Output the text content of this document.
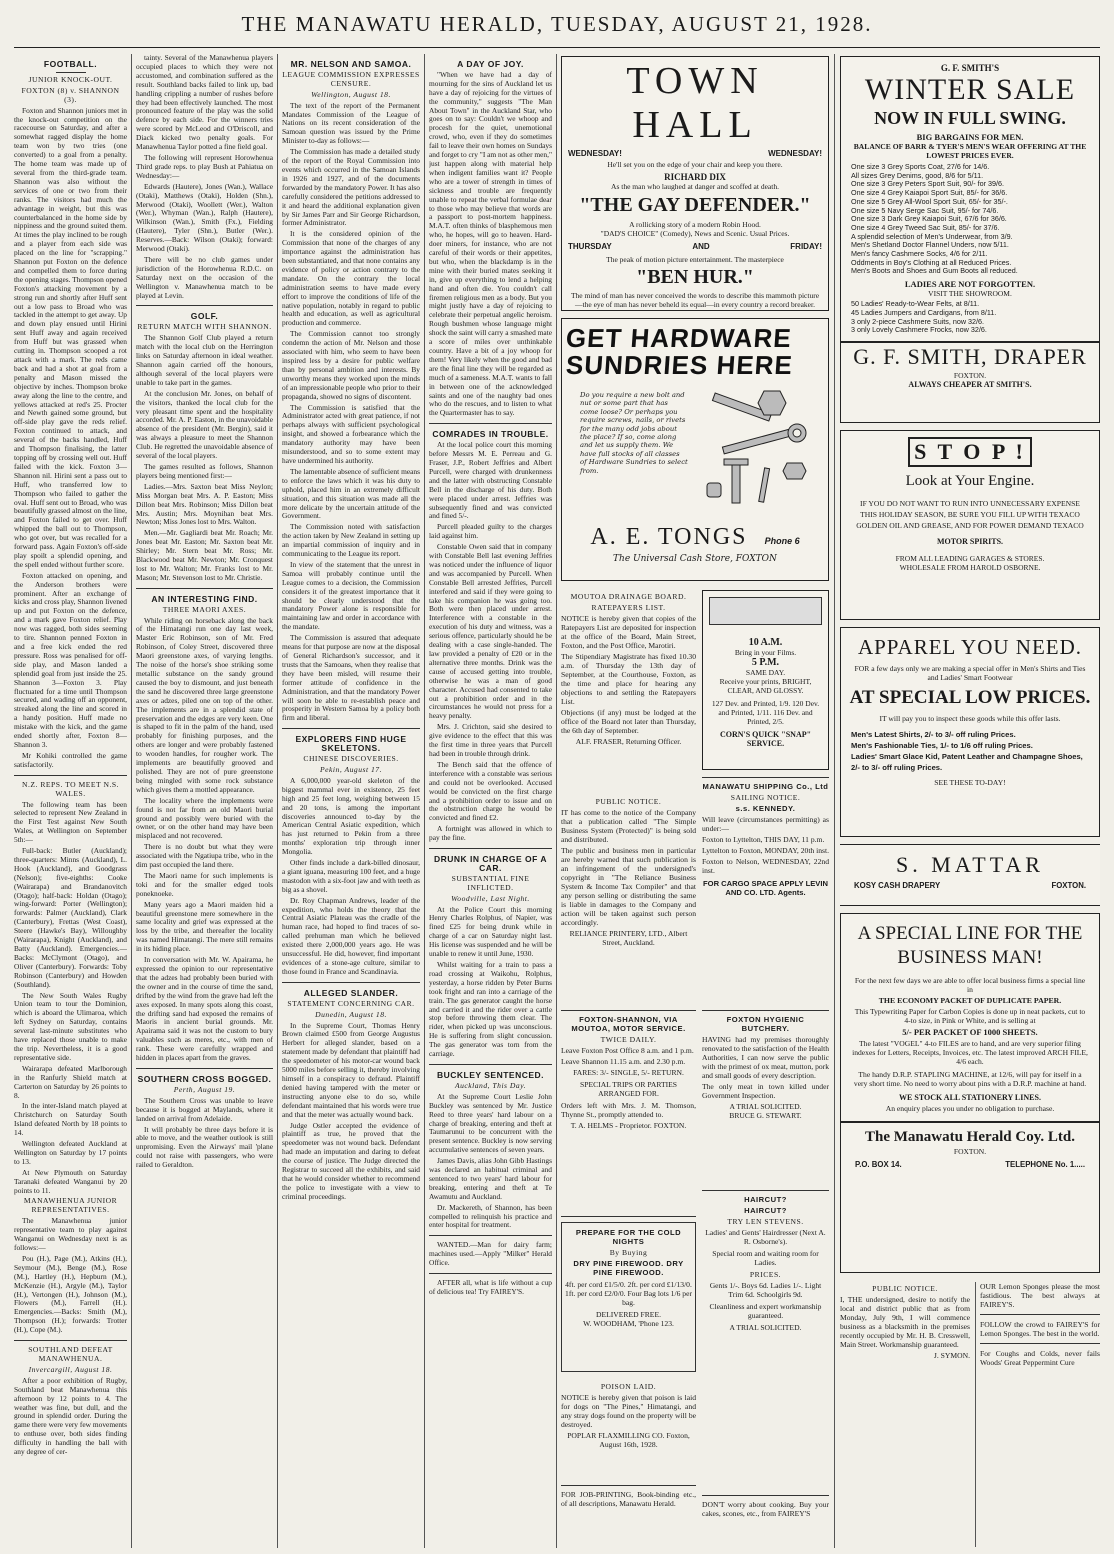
THE MANAWATU HERALD, TUESDAY, AUGUST 21, 1928.
FOOTBALL.
JUNIOR KNOCK-OUT.
FOXTON (8) v. SHANNON (3).

Foxton and Shannon juniors met in the knock-out competition on the racecourse on Saturday, and after a somewhat ragged display the home team won by two tries (one converted) to a goal from a penalty. The home team was made up of several from the third-grade team. Shannon was also without the services of one or two from their ranks. The visitors had much the advantage in weight, but this was counterbalanced in the home side by nippiness and the ground suited them. At times the play inclined to be rough and a player from each side was placed on the line for "scrapping." Shannon put Foxton on the defence and compelled them to force during the opening stages. Thompson opened Foxton's attacking movement by a strong run and shortly after Huff sent out a low pass to Broad who was tackled in the attempt to get away. Up and down play ensued until Hirini sent Huff away and again received from Huff but was grassed when cutting in. Thompson scooped a rot attack with a mark. The reds came back and had a shot at goal from a penalty and Mason missed the objective by inches. Thompson broke away along the line to the centre, and yellows attacked at red's 25. Procter and Newth gained some ground, but off-side play gave the reds relief. Foxton continued to attack, and several of the backs handled, Huff and Thompson finalising, the latter topping off by crossing well out. Huff failed with the kick. Foxton 3—Shannon nil. Hirini sent a pass out to Huff, who transferred low to Thompson who failed to gather the oval. Huff sent out to Broad, who was beautifully grassed almost on the line, and Foxton failed to get over. Huff whipped the ball out to Thompson, who got over, but was recalled for a forward pass. Again Foxton's off-side play spoilt a splendid opening, and the spell ended without further score.

Foxton attacked on opening, and the Anderson brothers were prominent. After an exchange of kicks and cross play, Shannon livened up and put Foxton on the defence, and a mark gave Foxton relief. Play now was ragged, both sides seeming to tire. Shannon penned Foxton in and a free kick ended the red pressure. Ross was penalised for off-side play, and Mason landed a splendid goal from just inside the 25. Shannon 3—Foxton 3. Play fluctuated for a time until Thompson secured, and wading off an opponent, streaked along the line and scored in a handy position. Huff made no mistake with the kick, and the game ended shortly after, Foxton 8—Shannon 3.

Mr Kohiki controlled the game satisfactorily.

N.Z. REPS. TO MEET N.S. WALES.

The following team has been selected to represent New Zealand in the First Test against New South Wales, at Wellington on September 5th:—

Full-back: Butler (Auckland); three-quarters: Minns (Auckland), L. Hook (Auckland), and Goodgrass (Nelson); five-eighths: Cooke (Wairarapa) and Brandanovitch (Otago); half-back: Holdan (Otago); wing-forward: Porter (Wellington); forwards: Palmer (Auckland), Clark (Canterbury), Frettas (West Coast), Steere (Hawke's Bay), Willoughby (Wairarapa), Knight (Auckland), and Batty (Auckland). Emergencies.—Backs: McClymont (Otago), and Oliver (Canterbury). Forwards: Toby Robinson (Canterbury) and Howden (Southland).

The New South Wales Rugby Union team to tour the Dominion, which is aboard the Ulimaroa, which left Sydney on Saturday, contains several last-minute substitutes who have replaced those unable to make the trip. Nevertheless, it is a good representative side.

Wairarapa defeated Marlborough in the Ranfurly Shield match at Carterton on Saturday by 26 points to 8.

In the inter-Island match played at Christchurch on Saturday South Island defeated North by 18 points to 14.

Wellington defeated Auckland at Wellington on Saturday by 17 points to 13.

At New Plymouth on Saturday Taranaki defeated Wanganui by 20 points to 11.

MANAWHENUA JUNIOR REPRESENTATIVES.

The Manawhenua junior representative team to play against Wanganui on Wednesday next is as follows:—

Pou (H.), Page (M.), Atkins (H.), Seymour (M.), Benge (M.), Rose (M.), Hartley (H.), Hepburn (M.), McKenzie (H.), Argyle (M.), Taylor (H.), Vertongen (H.), Johnson (M.), Flowers (M.), Farrell (H.). Emergencies.—Backs: Smith (M.), Thompson (H.); forwards: Trotter (H.), Cope (M.).

SOUTHLAND DEFEAT MANAWHENUA.
Invercargill, August 18.

After a poor exhibition of Rugby, Southland beat Manawhenua this afternoon by 12 points to 4. The weather was fine, but dull, and the ground in splendid order. During the game there were very few movements to enthuse over, both sides finding difficulty in handling the ball with any degree of cer-

tainty. Several of the Manawhenua players occupied places to which they were not accustomed, and combination suffered as the result. Southland backs failed to link up, bad handling crippling a number of rushes before they had been effectively launched. The most pronounced feature of the play was the solid defence by each side. For the winners tries were scored by McLeod and O'Driscoll, and Diack kicked two penalty goals. For Manawhenua Taylor potted a fine field goal.

The following will represent Horowhenua Third grade reps. to play Bush at Pahiatua on Wednesday:—

Edwards (Hautere), Jones (Wan.), Wallace (Otaki), Matthews (Otaki), Holden (Shn.), Merwood (Otaki), Woollett (Wer.), Walton (Wer.), Whyman (Wan.), Ralph (Hautere), Wilkinson (Wan.), Smith (Fx.), Fielding (Hautere), Tyler (Shn.), Butler (Wer.). Reserves.—Back: Wilson (Otaki); forward: Merwood (Otaki).

There will be no club games under jurisdiction of the Horowhenua R.D.C. on Saturday next on the occasion of the Wellington v. Manawhenua match to be played at Levin.

GOLF.
RETURN MATCH WITH SHANNON.

The Shannon Golf Club played a return match with the local club on the Herrington links on Saturday afternoon in ideal weather. Shannon again carried off the honours, although several of the local players were unable to take part in the games.

At the conclusion Mr. Jones, on behalf of the visitors, thanked the local club for the very pleasant time spent and the hospitality accorded. Mr. A. P. Easton, in the unavoidable absence of the president (Mr. Bergin), said it was always a pleasure to meet the Shannon Club. He regretted the unavoidable absence of several of the local players.

The games resulted as follows, Shannon players being mentioned first:—

Ladies.—Mrs. Saxton beat Miss Neylon; Miss Morgan beat Mrs. A. P. Easton; Miss Dillon beat Mrs. Robinson; Miss Dillon beat Mrs. Austin; Mrs. Moynihan beat Mrs. Newton; Miss Jones lost to Mrs. Walton.

Men.—Mr. Gagliardi beat Mr. Roach; Mr. Jones beat Mr. Easton; Mr. Saxton beat Mr. Shirley; Mr. Stern beat Mr. Ross; Mr. Blackwood beat Mr. Newton; Mr. Cronquest lost to Mr. Walton; Mr. Franks lost to Mr. Mason; Mr. Stevenson lost to Mr. Christie.

AN INTERESTING FIND.
THREE MAORI AXES.

While riding on horseback along the back of the Himatangi run one day last week, Master Eric Robinson, son of Mr. Fred Robinson, of Coley Street, discovered three Maori greenstone axes, of varying lengths. The noise of the horse's shoe striking some metallic substance on the sandy ground caused the boy to dismount, and just beneath the sand he discovered three large greenstone axes or adzes, piled one on top of the other. The implements are in a splendid state of preservation and the edges are very keen. One is shaped to fit in the palm of the hand, used probably for finishing purposes, and the others are longer and were probably fastened to wooden handles, for rougher work. The implements are beautifully grooved and polished. They are not of pure greenstone being mingled with some rock substance which gives them a mottled appearance.

The locality where the implements were found is not far from an old Maori burial ground and possibly were buried with the owner, or on the other hand may have been misplaced and not recovered.

There is no doubt but what they were associated with the Ngatiupa tribe, who in the dim past occupied the land there.

The Maori name for such implements is toki and for the smaller edged tools poneknoeke.

Many years ago a Maori maiden hid a beautiful greenstone mere somewhere in the same locality and grief was expressed at the loss by the tribe, and thereafter the locality was named Himatangi. The mere still remains in its hiding place.

In conversation with Mr. W. Apairama, he expressed the opinion to our representative that the adzes had probably been buried with the owner and in the course of time the sand, drifted by the wind from the grave had left the axes exposed. In many spots along this coast, the drifting sand had exposed the remains of Maoris in ancient burial grounds. Mr. Apairama said it was not the custom to bury valuables such as meres, etc., with men of rank. These were carefully wrapped and hidden in places apart from the graves.

SOUTHERN CROSS BOGGED.
Perth, August 19.

The Southern Cross was unable to leave because it is bogged at Maylands, where it landed on arrival from Adelaide.

It will probably be three days before it is able to move, and the weather outlook is still unpromising. Even the Airways' mail 'plane could not raise with passengers, who were railed to Geraldton.

MR. NELSON AND SAMOA.
LEAGUE COMMISSION EXPRESSES CENSURE.
Wellington, August 18.

The text of the report of the Permanent Mandates Commission of the League of Nations on its recent consideration of the Samoan question was issued by the Prime Minister to-day as follows:—

The Commission has made a detailed study of the report of the Royal Commission into events which occurred in the Samoan Islands in 1926 and 1927, and of the documents forwarded by the mandatory Power. It has also carefully considered the petitions addressed to it and heard the additional explanation given by Sir James Parr and Sir George Richardson, former Administrator.

It is the considered opinion of the Commission that none of the charges of any importance against the administration has been substantiated, and that none contains any evidence of policy or action contrary to the mandate. On the contrary the local administration seems to have made every effort to improve the conditions of life of the native population, notably in regard to public health and education, as well as agricultural production and commerce.

The Commission cannot too strongly condemn the action of Mr. Nelson and those associated with him, who seem to have been inspired less by a desire for public welfare than by personal ambition and interests. By unworthy means they worked upon the minds of an impressionable people who prior to their propaganda, showed no signs of discontent.

The Commission is satisfied that the Administrator acted with great patience, if not perhaps always with sufficient psychological insight, and showed a forbearance which the mandatory authority may have been misunderstood, and so to some extent may have undermined his authority.

The lamentable absence of sufficient means to enforce the laws which it was his duty to uphold, placed him in an extremely difficult situation, and this situation was made all the more delicate by the uncertain attitude of the Government.

The Commission noted with satisfaction the action taken by New Zealand in setting up an impartial commission of inquiry and in communicating to the League its report.

In view of the statement that the unrest in Samoa will probably continue until the League comes to a decision, the Commission considers it of the greatest importance that it should be clearly understood that the mandatory Power alone is responsible for maintaining law and order in accordance with the mandate.

The Commission is assured that adequate means for that purpose are now at the disposal of General Richardson's successor, and it trusts that the Samoans, when they realise that they have been misled, will resume their former attitude of confidence in the Administration, and that the mandatory Power will soon be able to re-establish peace and prosperity in Western Samoa by a policy both firm and liberal.

EXPLORERS FIND HUGE SKELETONS.
CHINESE DISCOVERIES.
Pekin, August 17.

A 6,000,000 year-old skeleton of the biggest mammal ever in existence, 25 feet high and 25 feet long, weighing between 15 and 20 tons, is among the important discoveries announced to-day by the American Central Asiatic expedition, which has just returned to Pekin from a three months' exploration trip through inner Mongolia.

Other finds include a dark-billed dinosaur, a giant iguana, measuring 100 feet, and a huge mastodon with a six-foot jaw and with teeth as big as a shovel.

Dr. Roy Chapman Andrews, leader of the expedition, who holds the theory that the Central Asiatic Plateau was the cradle of the human race, had hoped to find traces of so-called prehuman man which he believed existed there 2,000,000 years ago. He was unsuccessful. He did, however, find important evidences of a stone-age culture, similar to those found in France and Scandinavia.

ALLEGED SLANDER.
STATEMENT CONCERNING CAR.
Dunedin, August 18.

In the Supreme Court, Thomas Henry Brown claimed £500 from George Augustus Herbert for alleged slander, based on a statement made by defendant that plaintiff had the speedometer of his motor-car wound back 5000 miles before selling it, thereby involving himself in a conspiracy to defraud. Plaintiff denied having tampered with the meter or instructing anyone else to do so, while defendant maintained that his words were true and that the meter was actually wound back.

Judge Ostler accepted the evidence of plaintiff as true, he proved that the speedometer was not wound back. Defendant had made an imputation and daring to defeat the course of justice. The Judge directed the Registrar to succeed all the exhibits, and said that he would consider whether to recommend the police to investigate with a view to criminal proceedings.

A DAY OF JOY.

"When we have had a day of mourning for the sins of Auckland let us have a day of rejoicing for the virtues of the community," suggests "The Man About Town" in the Auckland Star, who goes on to say: Couldn't we whoop and procesh for the quiet, unemotional crowd, who, even if they do sometimes fail to leave their own homes on Sundays and forget to cry "I am not as other men," just happen along with material help when indigent families want it? People who are a tower of strength in times of sickness and trouble are frequently unable to repeat the verbal formulae dear to those who may believe that words are a passport to post-mortem happiness. M.A.T. often thinks of blasphemous men who, he hopes, will go to heaven. Hard-doer miners, for instance, who are not careful of their words or their appetites, but who, when the blackdamp is in the mine with their buried mates seeking it in, give up everything to lend a helping hand and often die. You couldn't call firemen religious men as a body. But you might justly have a day of rejoicing to celebrate their perpetual angelic heroism. Rough bushmen whose language might shock the saint will carry a smashed mate a score of miles over unthinkable country. Have a bit of a joy whoop for them! Very likely when the good and bad are the final line they will be regarded as much of a sameness. M.A.T. wants to fall in between one of the acknowledged saints and one of the naughty bad ones who do the rescues, and to listen to what the Quartermaster has to say.

COMRADES IN TROUBLE.

At the local police court this morning before Messrs M. E. Perreau and G. Fraser, J.P., Robert Jeffries and Albert Purcell, were charged with drunkenness and the latter with obstructing Constable Bell in the discharge of his duty. Both were placed under arrest. Jeffries was subsequently fined and was convicted and fined 5/-.

Purcell pleaded guilty to the charges laid against him.

Constable Owen said that in company with Constable Bell last evening Jeffries was noticed under the influence of liquor and was accompanied by Purcell. When Constable Bell arrested Jeffries, Purcell interfered and said if they were going to take his companion he was going too. Both were then placed under arrest. Interference with a constable in the execution of his duty and witness, was a serious offence, particularly should he be dealing with a case single-handed. The law provided a penalty of £20 or in the alternative three months. Drink was the cause of accused getting into trouble, otherwise he was a man of good character. Accused had consented to take out a prohibition order and in the circumstances he would not press for a heavy penalty.

Mrs. J. Crichton, said she desired to give evidence to the effect that this was the first time in three years that Purcell had been in trouble through drink.

The Bench said that the offence of interference with a constable was serious and could not be overlooked. Accused would be convicted on the first charge and a prohibition order to issue and on the obstruction charge he would be convicted and fined £2.

A fortnight was allowed in which to pay the fine.

DRUNK IN CHARGE OF A CAR.
SUBSTANTIAL FINE INFLICTED.
Woodville, Last Night.

At the Police Court this morning Henry Charles Rolphus, of Napier, was fined £25 for being drunk while in charge of a car on Saturday night last. His license was suspended and he will be unable to renew it until June, 1930.

Whilst waiting for a train to pass a road crossing at Waikohu, Rolphus, yesterday, a horse ridden by Peter Burns took fright and ran into a carriage of the train. The gas generator caught the horse and carried it and the rider over a cattle stop before throwing them clear. The rider, when picked up was unconscious. He is suffering from slight concussion. The gas generator was torn from the carriage.

BUCKLEY SENTENCED.
Auckland, This Day.

At the Supreme Court Leslie John Buckley was sentenced by Mr. Justice Reed to three years' hard labour on a charge of breaking, entering and theft at Taumarunui to be concurrent with the present sentence. Buckley is now serving accumulative sentences of seven years.

James Davis, alias John Gibb Hastings was declared an habitual criminal and sentenced to two years' hard labour for breaking, entering and theft at Te Awamutu and Auckland.

Dr. Mackereth, of Shannon, has been compelled to relinquish his practice and enter hospital for treatment.

WANTED.—Man for dairy farm; machines used.—Apply "Milker" Herald Office.

AFTER all, what is life without a cup of delicious tea! Try FAIREY'S.

TOWN HALL
WEDNESDAY!	WEDNESDAY!
He'll set you on the edge of your chair and keep you there.
RICHARD DIX
As the man who laughed at danger and scoffed at death.
"THE GAY DEFENDER."
A rollicking story of a modern Robin Hood.
"DAD'S CHOICE" (Comedy), News and Scenic. Usual Prices.
THURSDAY	AND	FRIDAY!
The peak of motion picture entertainment. The masterpiece
"BEN HUR."
The mind of man has never conceived the words to describe this mammoth picture—the eye of man has never beheld its equal—in every country a record breaker.
GET HARDWARE
SUNDRIES HERE
Do you require a new bolt and nut or some part that has come loose? Or perhaps you require screws, nails, or rivets for the many odd jobs about the place? If so, come along and let us supply them. We have full stocks of all classes of Hardware Sundries to select from.
A. E. TONGS Phone 6
The Universal Cash Store, FOXTON
MOUTOA DRAINAGE BOARD.
RATEPAYERS LIST.

NOTICE is hereby given that copies of the Ratepayers List are deposited for inspection at the office of the Board, Main Street, Foxton, and the Post Office, Marotiri.

The Stipendiary Magistrate has fixed 10.30 a.m. of Thursday the 13th day of September, at the Courthouse, Foxton, as the time and place for hearing any objections to and settling the Ratepayers List.

Objections (if any) must be lodged at the office of the Board not later than Thursday, the 6th day of September.

ALF. FRASER, Returning Officer.
PUBLIC NOTICE.

IT has come to the notice of the Company that a publication called "The Simple Business System (Protected)" is being sold and distributed.

The public and business men in particular are hereby warned that such publication is an infringement of the undersigned's copyright in "The Reliance Business System & Income Tax Compiler" and that any person selling or distributing the same is liable in damages to the Company and action will be taken against such person accordingly.

RELIANCE PRINTERY, LTD., Albert Street, Auckland.
FOXTON-SHANNON, VIA MOUTOA, MOTOR SERVICE.
TWICE DAILY.

Leave Foxton Post Office 8 a.m. and 1 p.m.

Leave Shannon 11.15 a.m. and 2.30 p.m.

FARES: 3/- SINGLE, 5/- RETURN.
SPECIAL TRIPS OR PARTIES ARRANGED FOR.

Orders left with Mrs. J. M. Thomson, Thynne St., promptly attended to.

T. A. HELMS - Proprietor. FOXTON.
PREPARE FOR THE COLD NIGHTS
By Buying
DRY PINE FIREWOOD. DRY PINE FIREWOOD.
4ft. per cord £1/5/0. 2ft. per cord £1/13/0. 1ft. per cord £2/0/0. Four Bag lots 1/6 per bag.
DELIVERED FREE.
W. WOODHAM, 'Phone 123.
POISON LAID.

NOTICE is hereby given that poison is laid for dogs on "The Pines," Himatangi, and any stray dogs found on the property will be destroyed.

POPLAR FLAXMILLING CO. Foxton, August 16th, 1928.

FOR JOB-PRINTING, Book-binding etc., of all descriptions, Manawatu Herald.

10 A.M.
Bring in your Films.
5 P.M.
SAME DAY.
Receive your prints, BRIGHT, CLEAR, AND GLOSSY.
127 Dev. and Printed, 1/9. 120 Dev. and Printed, 1/11. 116 Dev. and Printed, 2/5.
CORN'S QUICK "SNAP" SERVICE.
MANAWATU SHIPPING Co., Ltd
SAILING NOTICE.
s.s. KENNEDY.

Will leave (circumstances permitting) as under:—

Foxton to Lyttelton, THIS DAY, 11 p.m.

Lyttelton to Foxton, MONDAY, 20th inst.

Foxton to Nelson, WEDNESDAY, 22nd inst.

FOR CARGO SPACE APPLY LEVIN AND CO. LTD. Agents.
FOXTON HYGIENIC BUTCHERY.

HAVING had my premises thoroughly renovated to the satisfaction of the Health Authorities, I can now serve the public with the primest of ox meat, mutton, pork and small goods of every description.

The only meat in town killed under Government Inspection.

A TRIAL SOLICITED.
BRUCE G. STEWART.
HAIRCUT?
HAIRCUT?
TRY LEN STEVENS.
Ladies' and Gents' Hairdresser (Next A. R. Osborne's).
Special room and waiting room for Ladies.
PRICES.
Gents 1/-. Boys 6d. Ladies 1/-. Light Trim 6d. Schoolgirls 9d.
Cleanliness and expert workmanship guaranteed.
A TRIAL SOLICITED.

DON'T worry about cooking. Buy your cakes, scones, etc., from FAIREY'S

G. F. SMITH'S
WINTER SALE
NOW IN FULL SWING.
BIG BARGAINS FOR MEN.
BALANCE OF BARR & TYER'S MEN'S WEAR OFFERING AT THE LOWEST PRICES EVER.
One size 3 Grey Sports Coat, 27/6 for 14/6.
All sizes Grey Denims, good, 8/6 for 5/11.
One size 3 Grey Peters Sport Suit, 90/- for 39/6.
One size 4 Grey Kaiapoi Sport Suit, 85/- for 36/6.
One size 5 Grey All-Wool Sport Suit, 65/- for 35/-.
One size 5 Navy Serge Sac Suit, 95/- for 74/6.
One size 3 Dark Grey Kaiapoi Suit, 67/6 for 36/6.
One size 4 Grey Tweed Sac Suit, 85/- for 37/6.
A splendid selection of Men's Underwear, from 3/9.
Men's Shetland Doctor Flannel Unders, now 5/11.
Men's fancy Cashmere Socks, 4/6 for 2/11.
Oddments in Boy's Clothing at all Reduced Prices.
Men's Boots and Shoes and Gum Boots all reduced.
LADIES ARE NOT FORGOTTEN.
VISIT THE SHOWROOM.
50 Ladies' Ready-to-Wear Felts, at 8/11.
45 Ladies Jumpers and Cardigans, from 8/11.
3 only 2-piece Cashmere Suits, now 32/6.
3 only Lovely Cashmere Frocks, now 32/6.
G. F. SMITH, DRAPER
FOXTON.
ALWAYS CHEAPER AT SMITH'S.
S T O P !
Look at Your Engine.
IF YOU DO NOT WANT TO RUN INTO UNNECESSARY EXPENSE THIS HOLIDAY SEASON, BE SURE YOU FILL UP WITH TEXACO GOLDEN OIL AND GREASE, AND FOR POWER DEMAND TEXACO
MOTOR SPIRITS.
FROM ALL LEADING GARAGES & STORES.
WHOLESALE FROM HAROLD OSBORNE.
APPAREL YOU NEED.
FOR a few days only we are making a special offer in Men's Shirts and Ties and Ladies' Smart Footwear
AT SPECIAL LOW PRICES.
IT will pay you to inspect these goods while this offer lasts.
Men's Latest Shirts, 2/- to 3/- off ruling Prices.
Men's Fashionable Ties, 1/- to 1/6 off ruling Prices.
Ladies' Smart Glace Kid, Patent Leather and Champagne Shoes, 2/- to 3/- off ruling Prices.
SEE THESE TO-DAY!
S. MATTAR
KOSY CASH DRAPERY	FOXTON.
A SPECIAL LINE FOR THE BUSINESS MAN!
For the next few days we are able to offer local business firms a special line in
THE ECONOMY PACKET OF DUPLICATE PAPER.
This Typewriting Paper for Carbon Copies is done up in neat packets, cut to 4-to size, in Pink or White, and is selling at
5/- PER PACKET OF 1000 SHEETS.
The latest "VOGEL" 4-to FILES are to hand, and are very superior filing indexes for Letters, Receipts, Invoices, etc. The latest improved ARCH FILE, 4/6 each.
The handy D.R.P. STAPLING MACHINE, at 12/6, will pay for itself in a very short time. No need to worry about pins with a D.R.P. machine at hand.
WE STOCK ALL STATIONERY LINES.
An enquiry places you under no obligation to purchase.
The Manawatu Herald Coy. Ltd.
FOXTON.
P.O. BOX 14.	TELEPHONE No. 1.....
PUBLIC NOTICE.

I, THE undersigned, desire to notify the local and district public that as from Monday, July 9th, I will commence business as a blacksmith in the premises recently occupied by Mr. H. B. Cresswell, Main Street. Workmanship guaranteed.

J. SYMON.

OUR Lemon Sponges please the most fastidious. The best always at FAIREY'S.

FOLLOW the crowd to FAIREY'S for Lemon Sponges. The best in the world.

For Coughs and Colds, never fails Woods' Great Peppermint Cure
